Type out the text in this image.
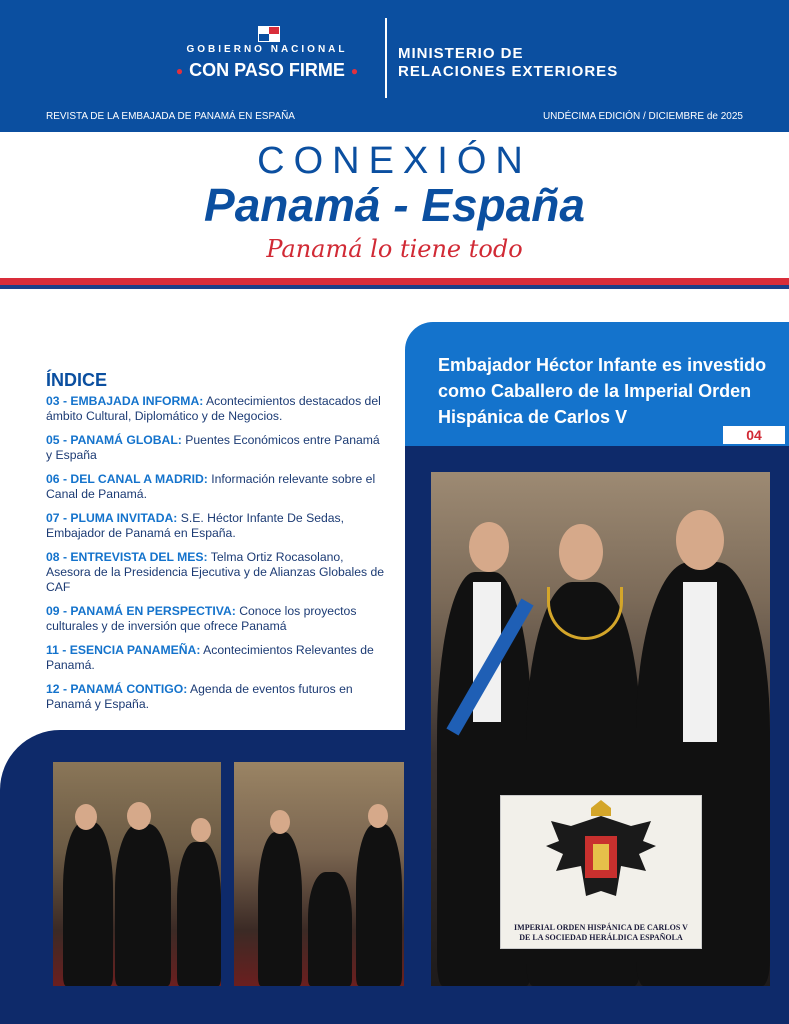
GOBIERNO NACIONAL
● CON PASO FIRME ●
MINISTERIO DE
RELACIONES EXTERIORES
REVISTA DE LA EMBAJADA DE PANAMÁ EN ESPAÑA	UNDÉCIMA EDICIÓN / DICIEMBRE de 2025
CONEXIÓN
Panamá - España
Panamá lo tiene todo
Embajador Héctor Infante es investido como Caballero de la Imperial Orden Hispánica de Carlos V
04
ÍNDICE
03 - EMBAJADA INFORMA: Acontecimientos destacados del ámbito Cultural, Diplomático y de Negocios.
05 - PANAMÁ GLOBAL: Puentes Económicos entre Panamá y España
06 - DEL CANAL A MADRID: Información relevante sobre el Canal de Panamá.
07 - PLUMA INVITADA: S.E. Héctor Infante De Sedas, Embajador de Panamá en España.
08 - ENTREVISTA DEL MES: Telma Ortiz Rocasolano, Asesora de la Presidencia Ejecutiva y de Alianzas Globales de CAF
09 - PANAMÁ EN PERSPECTIVA: Conoce los proyectos culturales y de inversión que ofrece Panamá
11 - ESENCIA PANAMEÑA: Acontecimientos Relevantes de Panamá.
12 - PANAMÁ CONTIGO: Agenda de eventos futuros en Panamá y España.
IMPERIAL ORDEN HISPÁNICA DE CARLOS V
DE LA SOCIEDAD HERÁLDICA ESPAÑOLA
